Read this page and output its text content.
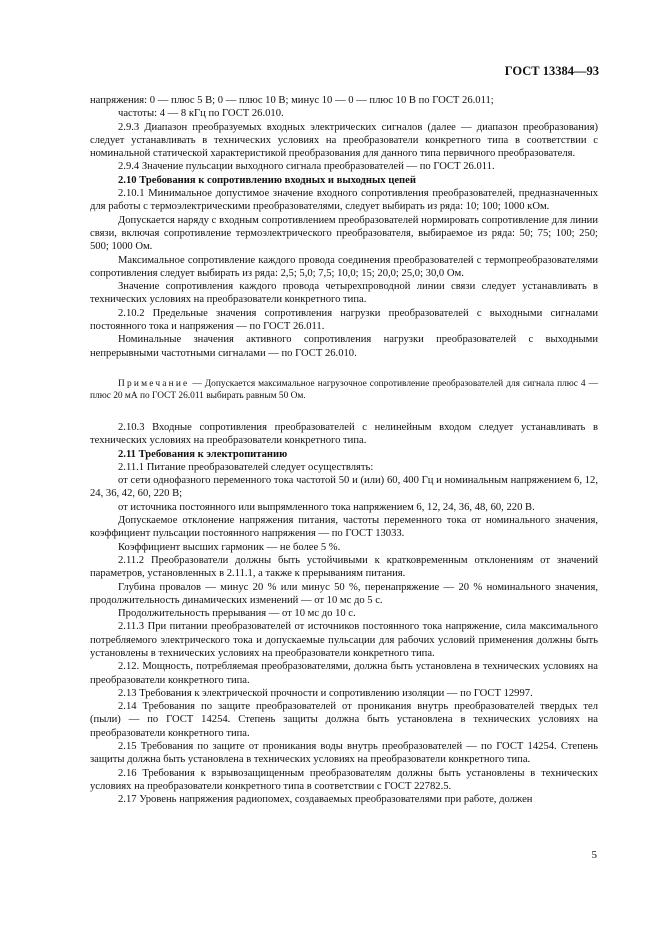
ГОСТ 13384—93

напряжения: 0 — плюс 5 В; 0 — плюс 10 В; минус 10 — 0 — плюс 10 В по ГОСТ 26.011;

частоты: 4 — 8 кГц по ГОСТ 26.010.

2.9.3 Диапазон преобразуемых входных электрических сигналов (далее — диапазон преобразования) следует устанавливать в технических условиях на преобразователи конкретного типа в соответствии с номинальной статической характеристикой преобразования для данного типа первичного преобразователя.

2.9.4 Значение пульсации выходного сигнала преобразователей — по ГОСТ 26.011.

2.10 Требования к сопротивлению входных и выходных цепей

2.10.1 Минимальное допустимое значение входного сопротивления преобразователей, предназначенных для работы с термоэлектрическими преобразователями, следует выбирать из ряда: 10; 100; 1000 кОм.

Допускается наряду с входным сопротивлением преобразователей нормировать сопротивление для линии связи, включая сопротивление термоэлектрического преобразователя, выбираемое из ряда: 50; 75; 100; 250; 500; 1000 Ом.

Максимальное сопротивление каждого провода соединения преобразователей с термопреобразователями сопротивления следует выбирать из ряда: 2,5; 5,0; 7,5; 10,0; 15; 20,0; 25,0; 30,0 Ом.

Значение сопротивления каждого провода четырехпроводной линии связи следует устанавливать в технических условиях на преобразователи конкретного типа.

2.10.2 Предельные значения сопротивления нагрузки преобразователей с выходными сигналами постоянного тока и напряжения — по ГОСТ 26.011.

Номинальные значения активного сопротивления нагрузки преобразователей с выходными непрерывными частотными сигналами — по ГОСТ 26.010.

Примечание — Допускается максимальное нагрузочное сопротивление преобразователей для сигнала плюс 4 — плюс 20 мА по ГОСТ 26.011 выбирать равным 50 Ом.

2.10.3 Входные сопротивления преобразователей с нелинейным входом следует устанавливать в технических условиях на преобразователи конкретного типа.

2.11 Требования к электропитанию

2.11.1 Питание преобразователей следует осуществлять:

от сети однофазного переменного тока частотой 50 и (или) 60, 400 Гц и номинальным напряжением 6, 12, 24, 36, 42, 60, 220 В;

от источника постоянного или выпрямленного тока напряжением 6, 12, 24, 36, 48, 60, 220 В.

Допускаемое отклонение напряжения питания, частоты переменного тока от номинального значения, коэффициент пульсации постоянного напряжения — по ГОСТ 13033.

Коэффициент высших гармоник — не более 5 %.

2.11.2 Преобразователи должны быть устойчивыми к кратковременным отклонениям от значений параметров, установленных в 2.11.1, а также к прерываниям питания.

Глубина провалов — минус 20 % или минус 50 %, перенапряжение — 20 % номинального значения, продолжительность динамических изменений — от 10 мс до 5 с.

Продолжительность прерывания — от 10 мс до 10 с.

2.11.3 При питании преобразователей от источников постоянного тока напряжение, сила максимального потребляемого электрического тока и допускаемые пульсации для рабочих условий применения должны быть установлены в технических условиях на преобразователи конкретного типа.

2.12. Мощность, потребляемая преобразователями, должна быть установлена в технических условиях на преобразователи конкретного типа.

2.13 Требования к электрической прочности и сопротивлению изоляции — по ГОСТ 12997.

2.14 Требования по защите преобразователей от проникания внутрь преобразователей твердых тел (пыли) — по ГОСТ 14254. Степень защиты должна быть установлена в технических условиях на преобразователи конкретного типа.

2.15 Требования по защите от проникания воды внутрь преобразователей — по ГОСТ 14254. Степень защиты должна быть установлена в технических условиях на преобразователи конкретного типа.

2.16 Требования к взрывозащищенным преобразователям должны быть установлены в технических условиях на преобразователи конкретного типа в соответствии с ГОСТ 22782.5.

2.17 Уровень напряжения радиопомех, создаваемых преобразователями при работе, должен

5
